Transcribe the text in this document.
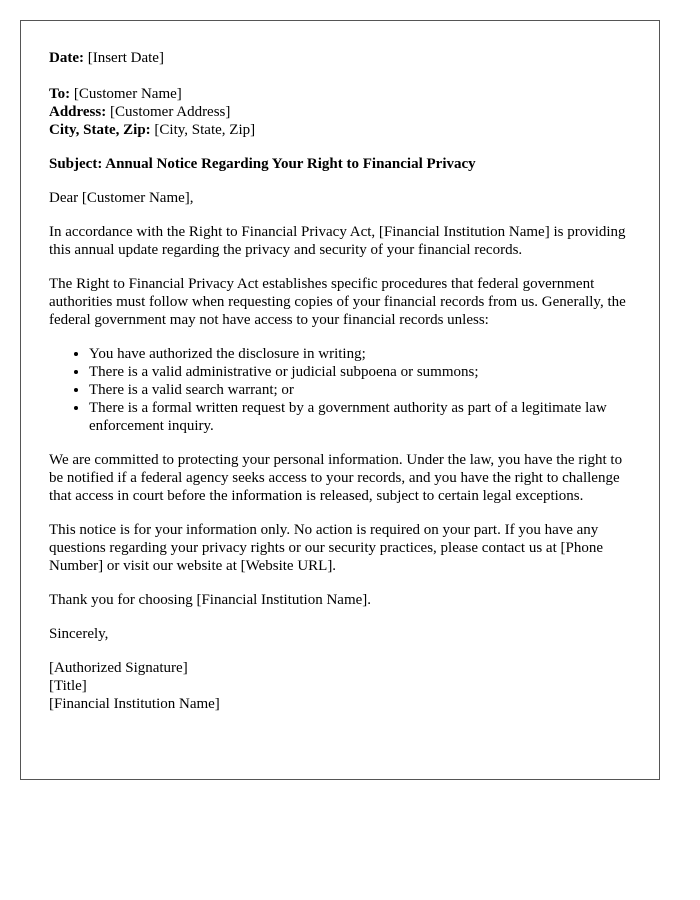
Date: [Insert Date]

To: [Customer Name]
Address: [Customer Address]
City, State, Zip: [City, State, Zip]

Subject: Annual Notice Regarding Your Right to Financial Privacy

Dear [Customer Name],

In accordance with the Right to Financial Privacy Act, [Financial Institution Name] is providing this annual update regarding the privacy and security of your financial records.

The Right to Financial Privacy Act establishes specific procedures that federal government authorities must follow when requesting copies of your financial records from us. Generally, the federal government may not have access to your financial records unless:

• You have authorized the disclosure in writing;
• There is a valid administrative or judicial subpoena or summons;
• There is a valid search warrant; or
• There is a formal written request by a government authority as part of a legitimate law enforcement inquiry.

We are committed to protecting your personal information. Under the law, you have the right to be notified if a federal agency seeks access to your records, and you have the right to challenge that access in court before the information is released, subject to certain legal exceptions.

This notice is for your information only. No action is required on your part. If you have any questions regarding your privacy rights or our security practices, please contact us at [Phone Number] or visit our website at [Website URL].

Thank you for choosing [Financial Institution Name].

Sincerely,

[Authorized Signature]
[Title]
[Financial Institution Name]
